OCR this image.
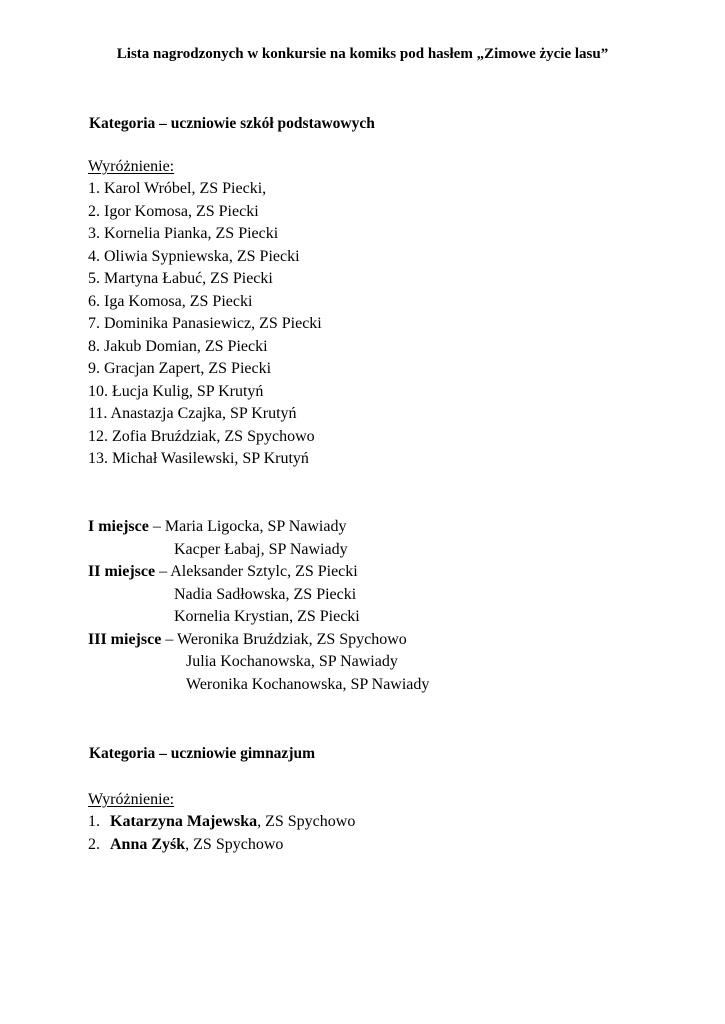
Lista nagrodzonych w konkursie na komiks pod hasłem „Zimowe życie lasu”
Kategoria – uczniowie szkół podstawowych
Wyróżnienie:
1. Karol Wróbel, ZS Piecki,
2. Igor Komosa, ZS Piecki
3. Kornelia Pianka, ZS Piecki
4. Oliwia Sypniewska, ZS Piecki
5. Martyna Łabuć, ZS Piecki
6. Iga Komosa, ZS Piecki
7. Dominika Panasiewicz, ZS Piecki
8. Jakub Domian, ZS Piecki
9. Gracjan Zapert, ZS Piecki
10. Łucja Kulig, SP Krutyń
11. Anastazja Czajka, SP Krutyń
12. Zofia Bruździak, ZS Spychowo
13. Michał Wasilewski, SP Krutyń
I miejsce – Maria Ligocka, SP Nawiady
Kacper Łabaj, SP Nawiady
II miejsce – Aleksander Sztylc, ZS Piecki
Nadia Sadłowska, ZS Piecki
Kornelia Krystian, ZS Piecki
III miejsce – Weronika Bruździak, ZS Spychowo
Julia Kochanowska, SP Nawiady
Weronika Kochanowska, SP Nawiady
Kategoria – uczniowie gimnazjum
Wyróżnienie:
1. Katarzyna Majewska, ZS Spychowo
2. Anna Zyśk, ZS Spychowo
